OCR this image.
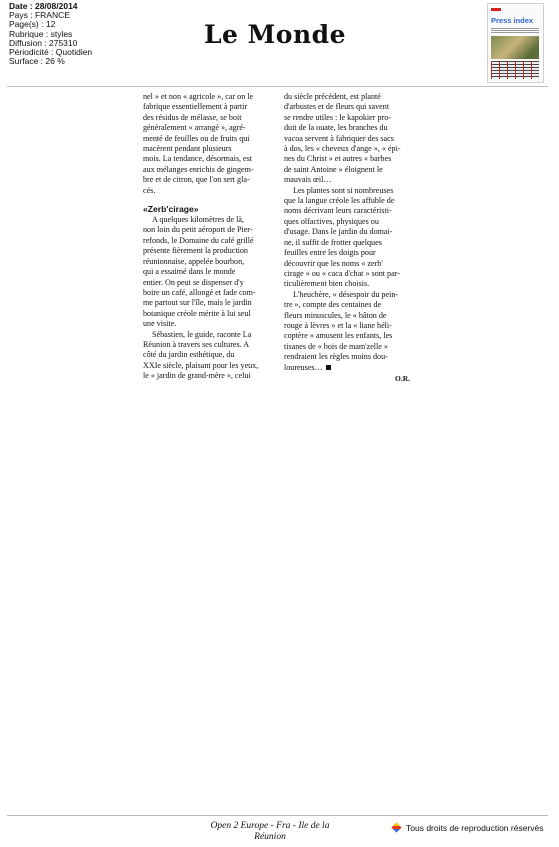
Date : 28/08/2014
Pays : FRANCE
Page(s) : 12
Rubrique : styles
Diffusion : 275310
Périodicité : Quotidien
Surface : 26 %
Le Monde	Press index

nel » et non « agricole », car on le

fabrique essentiellement à partir

des résidus de mélasse, se boit

généralement « arrangé », agré-

menté de feuilles ou de fruits qui

macèrent pendant plusieurs

mois. La tendance, désormais, est

aux mélanges enrichis de gingem-

bre et de citron, que l'on sert gla-

cés.

«Zerb'cirage»

A quelques kilomètres de là,

non loin du petit aéroport de Pier-

refonds, le Domaine du café grillé

présente fièrement la production

réunionnaise, appelée bourbon,

qui a essaimé dans le monde

entier. On peut se dispenser d'y

boire un café, allongé et fade com-

me partout sur l'île, mais le jardin

botanique créole mérite à lui seul

une visite.

Sébastien, le guide, raconte La

Réunion à travers ses cultures. A

côté du jardin esthétique, du

XXIe siècle, plaisant pour les yeux,

le « jardin de grand-mère », celui

du siècle précédent, est planté

d'arbustes et de fleurs qui savent

se rendre utiles : le kapokier pro-

duit de la ouate, les branches du

vacoa servent à fabriquer des sacs

à dos, les « cheveux d'ange », « épi-

nes du Christ » et autres « barbes

de saint Antoine » éloignent le

mauvais œil…

Les plantes sont si nombreuses

que la langue créole les affuble de

noms décrivant leurs caractéristi-

ques olfactives, physiques ou

d'usage. Dans le jardin du domai-

ne, il suffit de frotter quelques

feuilles entre les doigts pour

découvrir que les noms « zerb'

cirage » ou « caca d'chat » sont par-

ticulièrement bien choisis.

L'heuchère, « désespoir du pein-

tre », compte des centaines de

fleurs minuscules, le « bâton de

rouge à lèvres » et la « liane héli-

coptère » amusent les enfants, les

tisanes de « bois de mam'zelle »

rendraient les règles moins dou-

loureuses…

O.R.

Open 2 Europe - Fra - Ile de la
Réunion
Tous droits de reproduction réservés
